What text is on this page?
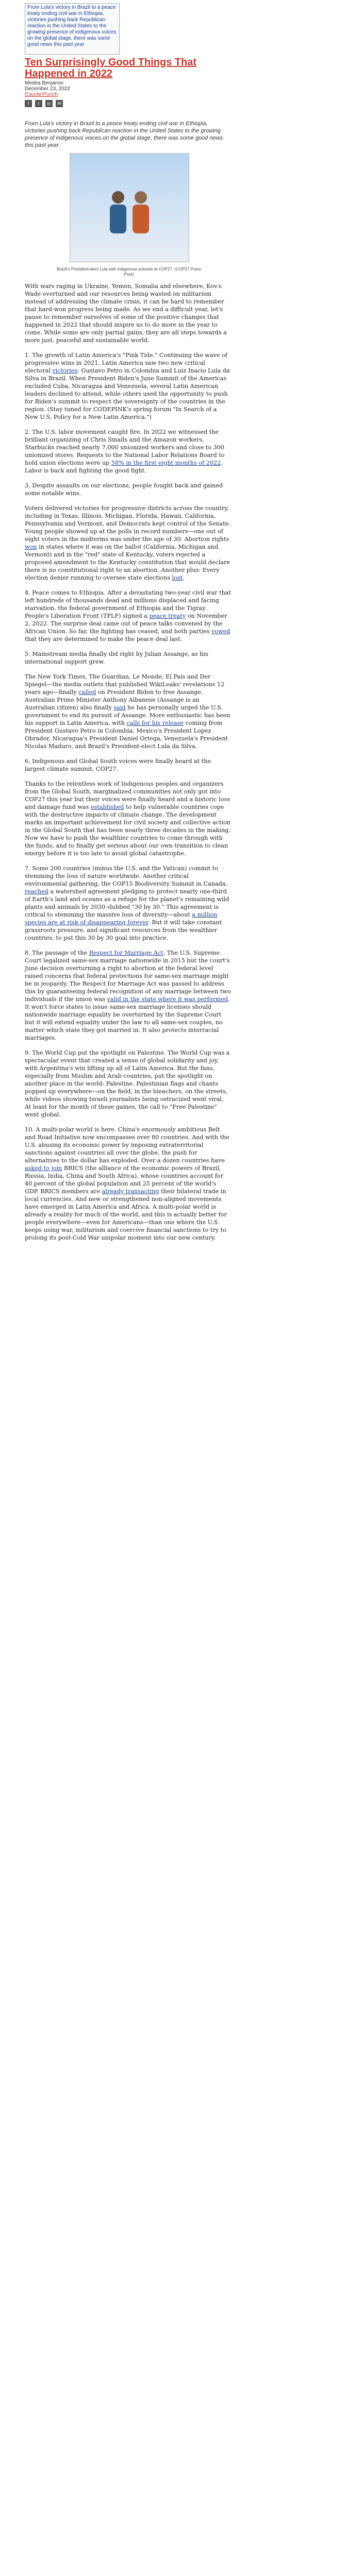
From Lula's victory in Brazil to a peace treaty ending civil war in Ethiopia, victories pushing back Republican reaction in the United States to the growing presence of indigenous voices on the global stage, there was some good news this past year
Ten Surprisingly Good Things That Happened in 2022
Medea Benjamin
December 23, 2022
CounterPunch
f	t	in	✉

From Lula's victory in Brazil to a peace treaty ending civil war in Ethiopia, victories pushing back Republican reaction in the United States to the growing presence of indigenous voices on the global stage, there was some good news this past year.

Brazil's President-elect Lula with indigenous activists at COP27. (COP27 Press Pool)

With wars raging in Ukraine, Yemen, Somalia and elsewhere, Kov.v. Wade overturned and our resources being wasted on militarism instead of addressing the climate crisis, it can be hard to remember that hard-won progress being made. As we end a difficult year, let's pause to remember ourselves of some of the positive changes that happened in 2022 that should inspire us to do more in the year to come. While some are only partial gains, they are all steps towards a more just, peaceful and sustainable world.

1. The growth of Latin America's "Pink Tide." Continuing the wave of progressive wins in 2021, Latin America saw two new critical electoral victories: Gustavo Petro in Colombia and Luiz Inacio Lula da Silva in Brazil. When President Biden's June Summit of the Americas excluded Cuba, Nicaragua and Venezuela, several Latin American leaders declined to attend, while others used the opportunity to push for Biden's summit to respect the sovereignty of the countries in the region. (Stay tuned for CODEPINK's spring forum "In Search of a New U.S. Policy for a New Latin America.")

2. The U.S. labor movement caught fire. In 2022 we witnessed the brilliant organizing of Chris Smalls and the Amazon workers, Starbucks reached nearly 7,000 unionized workers and close to 300 unionized stores. Requests to the National Labor Relations Board to hold union elections were up 58% in the first eight months of 2022. Labor is back and fighting the good fight.

3. Despite assaults on our elections, people fought back and gained some notable wins.

Voters delivered victories for progressive districts across the country, including in Texas, Illinois, Michigan, Florida, Hawaii, California, Pennsylvania and Vermont, and Democrats kept control of the Senate. Young people showed up at the polls in record numbers—one out of eight voters in the midterms was under the age of 30. Abortion rights won in states where it was on the ballot (California, Michigan and Vermont) and in the "red" state of Kentucky, voters rejected a proposed amendment to the Kentucky constitution that would declare there is no constitutional right to an abortion. Another plus: Every election denier running to oversee state elections lost.

4. Peace comes to Ethiopia. After a devastating two-year civil war that left hundreds of thousands dead and millions displaced and facing starvation, the federal government of Ethiopia and the Tigray People's Liberation Front (TPLF) signed a peace treaty on November 2, 2022. The surprise deal came out of peace talks convened by the African Union. So far, the fighting has ceased, and both parties vowed that they are determined to make the peace deal last.

5. Mainstream media finally did right by Julian Assange, as his international support grew.

The New York Times, The Guardian, Le Monde, El Pais and Der Spiegel—the media outlets that published WikiLeaks' revelations 12 years ago—finally called on President Biden to free Assange. Australian Prime Minister Anthony Albanese (Assange is an Australian citizen) also finally said he has personally urged the U.S. government to end its pursuit of Assange. More enthusiastic has been his support in Latin America, with calls for his release coming from President Gustavo Petro in Colombia, Mexico's President Lopez Obrador, Nicaragua's President Daniel Ortega, Venezuela's President Nicolas Maduro, and Brazil's President-elect Lula da Silva.

6. Indigenous and Global South voices were finally heard at the largest climate summit, COP27.

Thanks to the relentless work of Indigenous peoples and organizers from the Global South, marginalized communities not only got into COP27 this year but their voices were finally heard and a historic loss and damage fund was established to help vulnerable countries cope with the destructive impacts of climate change. The development marks an important achievement for civil society and collective action in the Global South that has been nearly three decades in the making. Now we have to push the wealthier countries to come through with the funds, and to finally get serious about our own transition to clean energy before it is too late to avoid global catastrophe.

7. Some 200 countries (minus the U.S. and the Vatican) commit to stemming the loss of nature worldwide. Another critical environmental gathering, the COP15 Biodiversity Summit in Canada, reached a watershed agreement pledging to protect nearly one-third of Earth's land and oceans as a refuge for the planet's remaining wild plants and animals by 2030–dubbed "30 by 30." This agreement is critical to stemming the massive loss of diversity—about a million species are at risk of disappearing forever. But it will take constant grassroots pressure, and significant resources from the wealthier countries, to put this 30 by 30 goal into practice.

8. The passage of the Respect for Marriage Act. The U.S. Supreme Court legalized same-sex marriage nationwide in 2015 but the court's June decision overturning a right to abortion at the federal level raised concerns that federal protections for same-sex marriage might be in jeopardy. The Respect for Marriage Act was passed to address this by guaranteeing federal recognition of any marriage between two individuals if the union was valid in the state where it was performed. It won't force states to issue same-sex marriage licenses should nationwide marriage equality be overturned by the Supreme Court but it will extend equality under the law to all same-sex couples, no matter which state they got married in. It also protects interracial marriages.

9. The World Cup put the spotlight on Palestine. The World Cup was a spectacular event that created a sense of global solidarity and joy, with Argentina's win lifting up all of Latin America. But the fans, especially from Muslim and Arab countries, put the spotlight on another place in the world: Palestine. Palestinian flags and chants popped up everywhere—on the field, in the bleachers, on the streets, while videos showing Israeli journalists being ostracized went viral. At least for the month of these games, the call to "Free Palestine" went global.

10. A multi-polar world is here. China's enormously ambitious Belt and Road Initiative now encompasses over 80 countries. And with the U.S. abusing its economic power by imposing extraterritorial sanctions against countries all over the globe, the push for alternatives to the dollar has exploded. Over a dozen countries have asked to join BRICS (the alliance of the economic powers of Brazil, Russia, India, China and South Africa), whose countries account for 40 percent of the global population and 25 percent of the world's GDP. BRICS members are already transacting their bilateral trade in local currencies. And new or strengthened non-aligned movements have emerged in Latin America and Africa. A multi-polar world is already a reality for much of the world, and this is actually better for people everywhere—even for Americans—than one where the U.S. keeps using war, militarism and coercive financial sanctions to try to prolong its post-Cold War unipolar moment into our new century.
